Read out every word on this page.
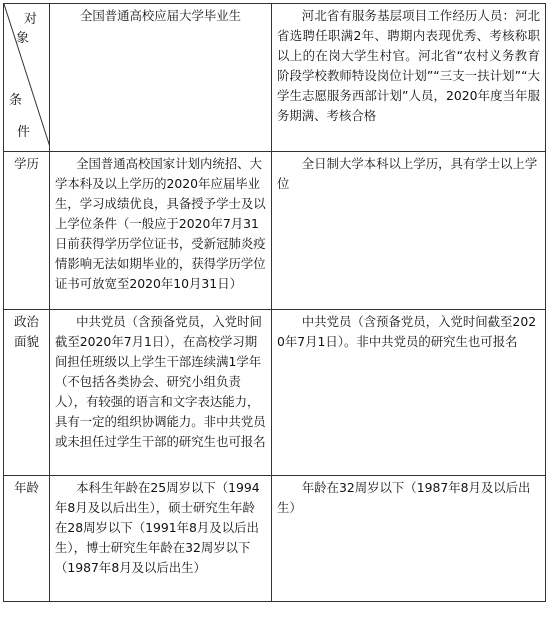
对
象
条
件	全国普通高校应届大学毕业生	河北省有服务基层项目工作经历人员：河北省选聘任职满2年、聘期内表现优秀、考核称职以上的在岗大学生村官。河北省“农村义务教育阶段学校教师特设岗位计划”“三支一扶计划”“大学生志愿服务西部计划”人员，2020年度当年服务期满、考核合格
学历	全国普通高校国家计划内统招、大学本科及以上学历的2020年应届毕业生，学习成绩优良，具备授予学士及以上学位条件（一般应于2020年7月31日前获得学历学位证书，受新冠肺炎疫情影响无法如期毕业的，获得学历学位证书可放宽至2020年10月31日）	全日制大学本科以上学历，具有学士以上学位
政治面貌	中共党员（含预备党员，入党时间截至2020年7月1日），在高校学习期间担任班级以上学生干部连续满1学年（不包括各类协会、研究小组负责人），有较强的语言和文字表达能力，具有一定的组织协调能力。非中共党员或未担任过学生干部的研究生也可报名	中共党员（含预备党员，入党时间截至2020年7月1日）。非中共党员的研究生也可报名
年龄	本科生年龄在25周岁以下（1994年8月及以后出生），硕士研究生年龄在28周岁以下（1991年8月及以后出生），博士研究生年龄在32周岁以下（1987年8月及以后出生）	年龄在32周岁以下（1987年8月及以后出生）
